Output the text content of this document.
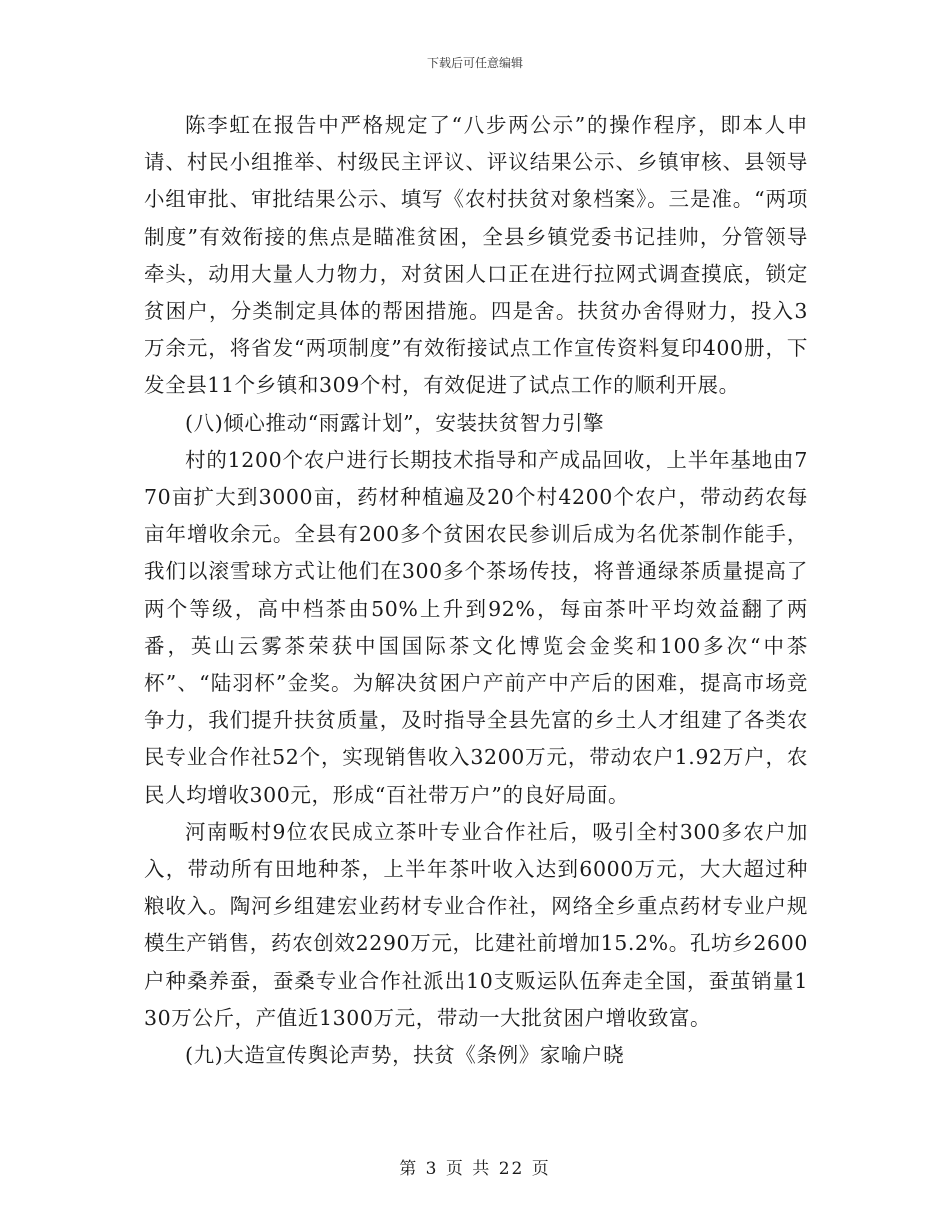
下载后可任意编辑

陈李虹在报告中严格规定了“八步两公示”的操作程序，即本人申请、村民小组推举、村级民主评议、评议结果公示、乡镇审核、县领导小组审批、审批结果公示、填写《农村扶贫对象档案》。三是准。“两项制度”有效衔接的焦点是瞄准贫困，全县乡镇党委书记挂帅，分管领导牵头，动用大量人力物力，对贫困人口正在进行拉网式调查摸底，锁定贫困户，分类制定具体的帮困措施。四是舍。扶贫办舍得财力，投入3万余元，将省发“两项制度”有效衔接试点工作宣传资料复印400册，下发全县11个乡镇和309个村，有效促进了试点工作的顺利开展。

(八)倾心推动“雨露计划”，安装扶贫智力引擎

村的1200个农户进行长期技术指导和产成品回收，上半年基地由770亩扩大到3000亩，药材种植遍及20个村4200个农户，带动药农每亩年增收余元。全县有200多个贫困农民参训后成为名优茶制作能手，我们以滚雪球方式让他们在300多个茶场传技，将普通绿茶质量提高了两个等级，高中档茶由50%上升到92%，每亩茶叶平均效益翻了两番，英山云雾茶荣获中国国际茶文化博览会金奖和100多次“中茶杯”、“陆羽杯”金奖。为解决贫困户产前产中产后的困难，提高市场竞争力，我们提升扶贫质量，及时指导全县先富的乡土人才组建了各类农民专业合作社52个，实现销售收入3200万元，带动农户1.92万户，农民人均增收300元，形成“百社带万户”的良好局面。

河南畈村9位农民成立茶叶专业合作社后，吸引全村300多农户加入，带动所有田地种茶，上半年茶叶收入达到6000万元，大大超过种粮收入。陶河乡组建宏业药材专业合作社，网络全乡重点药材专业户规模生产销售，药农创效2290万元，比建社前增加15.2%。孔坊乡2600户种桑养蚕，蚕桑专业合作社派出10支贩运队伍奔走全国，蚕茧销量130万公斤，产值近1300万元，带动一大批贫困户增收致富。

(九)大造宣传舆论声势，扶贫《条例》家喻户晓

第 3 页 共 22 页
